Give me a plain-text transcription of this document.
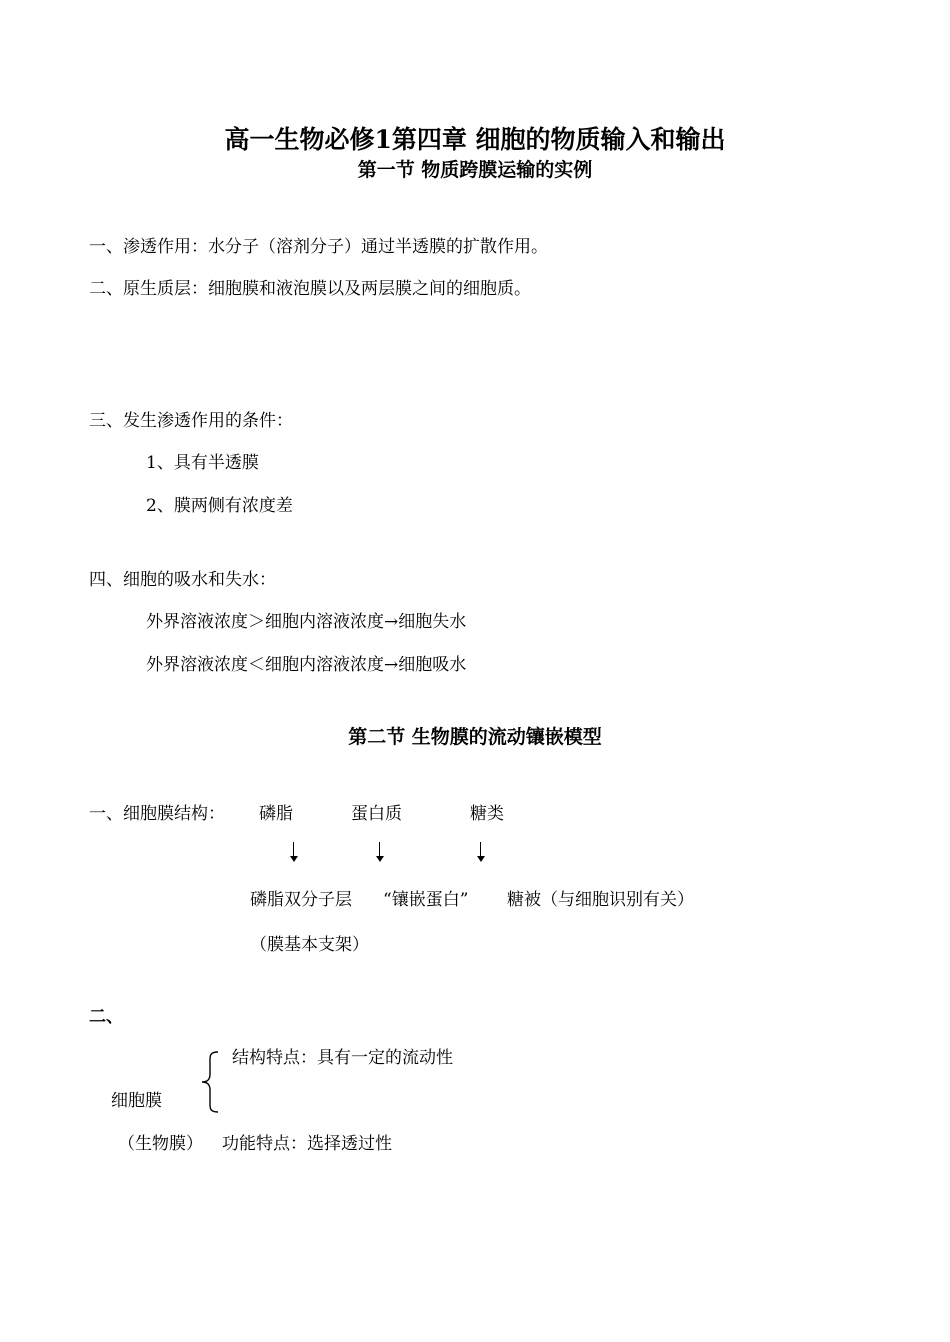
高一生物必修1第四章 细胞的物质输入和输出
第一节 物质跨膜运输的实例
一、渗透作用：水分子（溶剂分子）通过半透膜的扩散作用。
二、原生质层：细胞膜和液泡膜以及两层膜之间的细胞质。
三、发生渗透作用的条件：
1、具有半透膜
2、膜两侧有浓度差
四、细胞的吸水和失水：
外界溶液浓度＞细胞内溶液浓度→细胞失水
外界溶液浓度＜细胞内溶液浓度→细胞吸水
第二节 生物膜的流动镶嵌模型
一、细胞膜结构： 磷脂	蛋白质	糖类
磷脂双分子层 “镶嵌蛋白” 糖被（与细胞识别有关）
（膜基本支架）
二、
结构特点：具有一定的流动性
细胞膜
（生物膜） 功能特点：选择透过性
